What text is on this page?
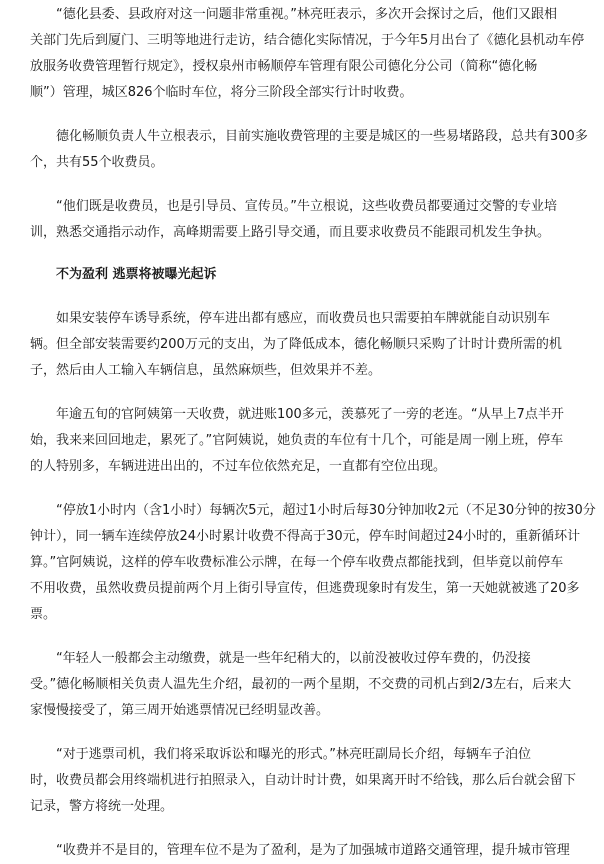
“德化县委、县政府对这一问题非常重视。”林亮旺表示，多次开会探讨之后，他们又跟相
关部门先后到厦门、三明等地进行走访，结合德化实际情况，于今年5月出台了《德化县机动车停
放服务收费管理暂行规定》，授权泉州市畅顺停车管理有限公司德化分公司（简称“德化畅
顺”）管理，城区826个临时车位，将分三阶段全部实行计时收费。

德化畅顺负责人牛立根表示，目前实施收费管理的主要是城区的一些易堵路段，总共有300多
个，共有55个收费员。

“他们既是收费员，也是引导员、宣传员。”牛立根说，这些收费员都要通过交警的专业培
训，熟悉交通指示动作，高峰期需要上路引导交通，而且要求收费员不能跟司机发生争执。

不为盈利 逃票将被曝光起诉

如果安装停车诱导系统，停车进出都有感应，而收费员也只需要拍车牌就能自动识别车
辆。但全部安装需要约200万元的支出，为了降低成本，德化畅顺只采购了计时计费所需的机
子，然后由人工输入车辆信息，虽然麻烦些，但效果并不差。

年逾五旬的官阿姨第一天收费，就进账100多元，羡慕死了一旁的老连。“从早上7点半开
始，我来来回回地走，累死了。”官阿姨说，她负责的车位有十几个，可能是周一刚上班，停车
的人特别多，车辆进进出出的，不过车位依然充足，一直都有空位出现。

“停放1小时内（含1小时）每辆次5元，超过1小时后每30分钟加收2元（不足30分钟的按30分
钟计），同一辆车连续停放24小时累计收费不得高于30元，停车时间超过24小时的，重新循环计
算。”官阿姨说，这样的停车收费标准公示牌，在每一个停车收费点都能找到，但毕竟以前停车
不用收费，虽然收费员提前两个月上街引导宣传，但逃费现象时有发生，第一天她就被逃了20多
票。

“年轻人一般都会主动缴费，就是一些年纪稍大的，以前没被收过停车费的，仍没接
受。”德化畅顺相关负责人温先生介绍，最初的一两个星期，不交费的司机占到2/3左右，后来大
家慢慢接受了，第三周开始逃票情况已经明显改善。

“对于逃票司机，我们将采取诉讼和曝光的形式。”林亮旺副局长介绍，每辆车子泊位
时，收费员都会用终端机进行拍照录入，自动计时计费，如果离开时不给钱，那么后台就会留下
记录，警方将统一处理。

“收费并不是目的，管理车位不是为了盈利，是为了加强城市道路交通管理，提升城市管理
